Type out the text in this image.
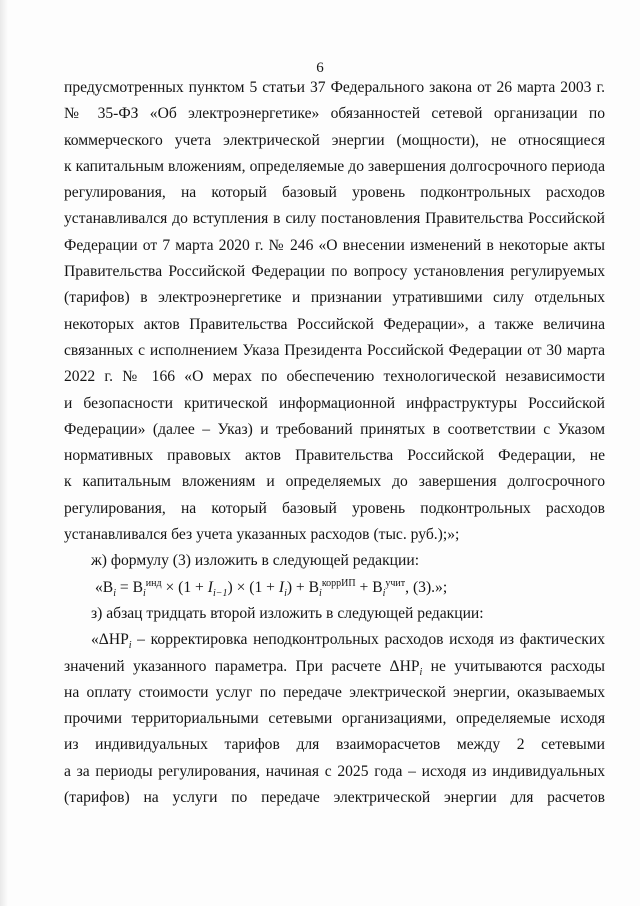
6
предусмотренных пунктом 5 статьи 37 Федерального закона от 26 марта 2003 г.
№ 35-ФЗ «Об электроэнергетике» обязанностей сетевой организации по
коммерческого учета электрической энергии (мощности), не относящиеся
к капитальным вложениям, определяемые до завершения долгосрочного периода
регулирования, на который базовый уровень подконтрольных расходов
устанавливался до вступления в силу постановления Правительства Российской
Федерации от 7 марта 2020 г. № 246 «О внесении изменений в некоторые акты
Правительства Российской Федерации по вопросу установления регулируемых
(тарифов) в электроэнергетике и признании утратившими силу отдельных
некоторых актов Правительства Российской Федерации», а также величина
связанных с исполнением Указа Президента Российской Федерации от 30 марта
2022 г. № 166 «О мерах по обеспечению технологической независимости
и безопасности критической информационной инфраструктуры Российской
Федерации» (далее – Указ) и требований принятых в соответствии с Указом
нормативных правовых актов Правительства Российской Федерации, не
к капитальным вложениям и определяемых до завершения долгосрочного
регулирования, на который базовый уровень подконтрольных расходов
устанавливался без учета указанных расходов (тыс. руб.);»;
ж) формулу (3) изложить в следующей редакции:
«$B_i = B_i^{инд} \times (1 + I_{i-1}) \times (1 + I_i) + B_i^{коррИП} + B_i^{учит}$, (3).»;
з) абзац тридцать второй изложить в следующей редакции:
«$\Delta НР_i$ – корректировка неподконтрольных расходов исходя из фактических
значений указанного параметра. При расчете $\Delta НР_i$ не учитываются расходы
на оплату стоимости услуг по передаче электрической энергии, оказываемых
прочими территориальными сетевыми организациями, определяемые исходя
из индивидуальных тарифов для взаиморасчетов между 2 сетевыми
а за периоды регулирования, начиная с 2025 года – исходя из индивидуальных
(тарифов) на услуги по передаче электрической энергии для расчетов
